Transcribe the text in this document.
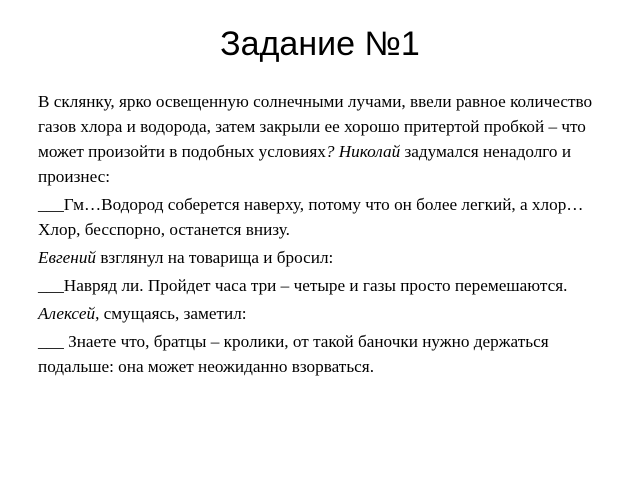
Задание №1

В склянку, ярко освещенную солнечными лучами, ввели равное количество газов хлора и водорода, затем закрыли ее хорошо притертой пробкой – что может произойти в подобных условиях? Николай задумался ненадолго и произнес:

___Гм…Водород соберется наверху, потому что он более легкий, а хлор…Хлор, бесспорно, останется внизу.

Евгений взглянул на товарища и бросил:

___Навряд ли. Пройдет часа три – четыре и газы просто перемешаются.

Алексей, смущаясь, заметил:

___ Знаете что, братцы – кролики, от такой баночки нужно держаться подальше: она может неожиданно взорваться.
